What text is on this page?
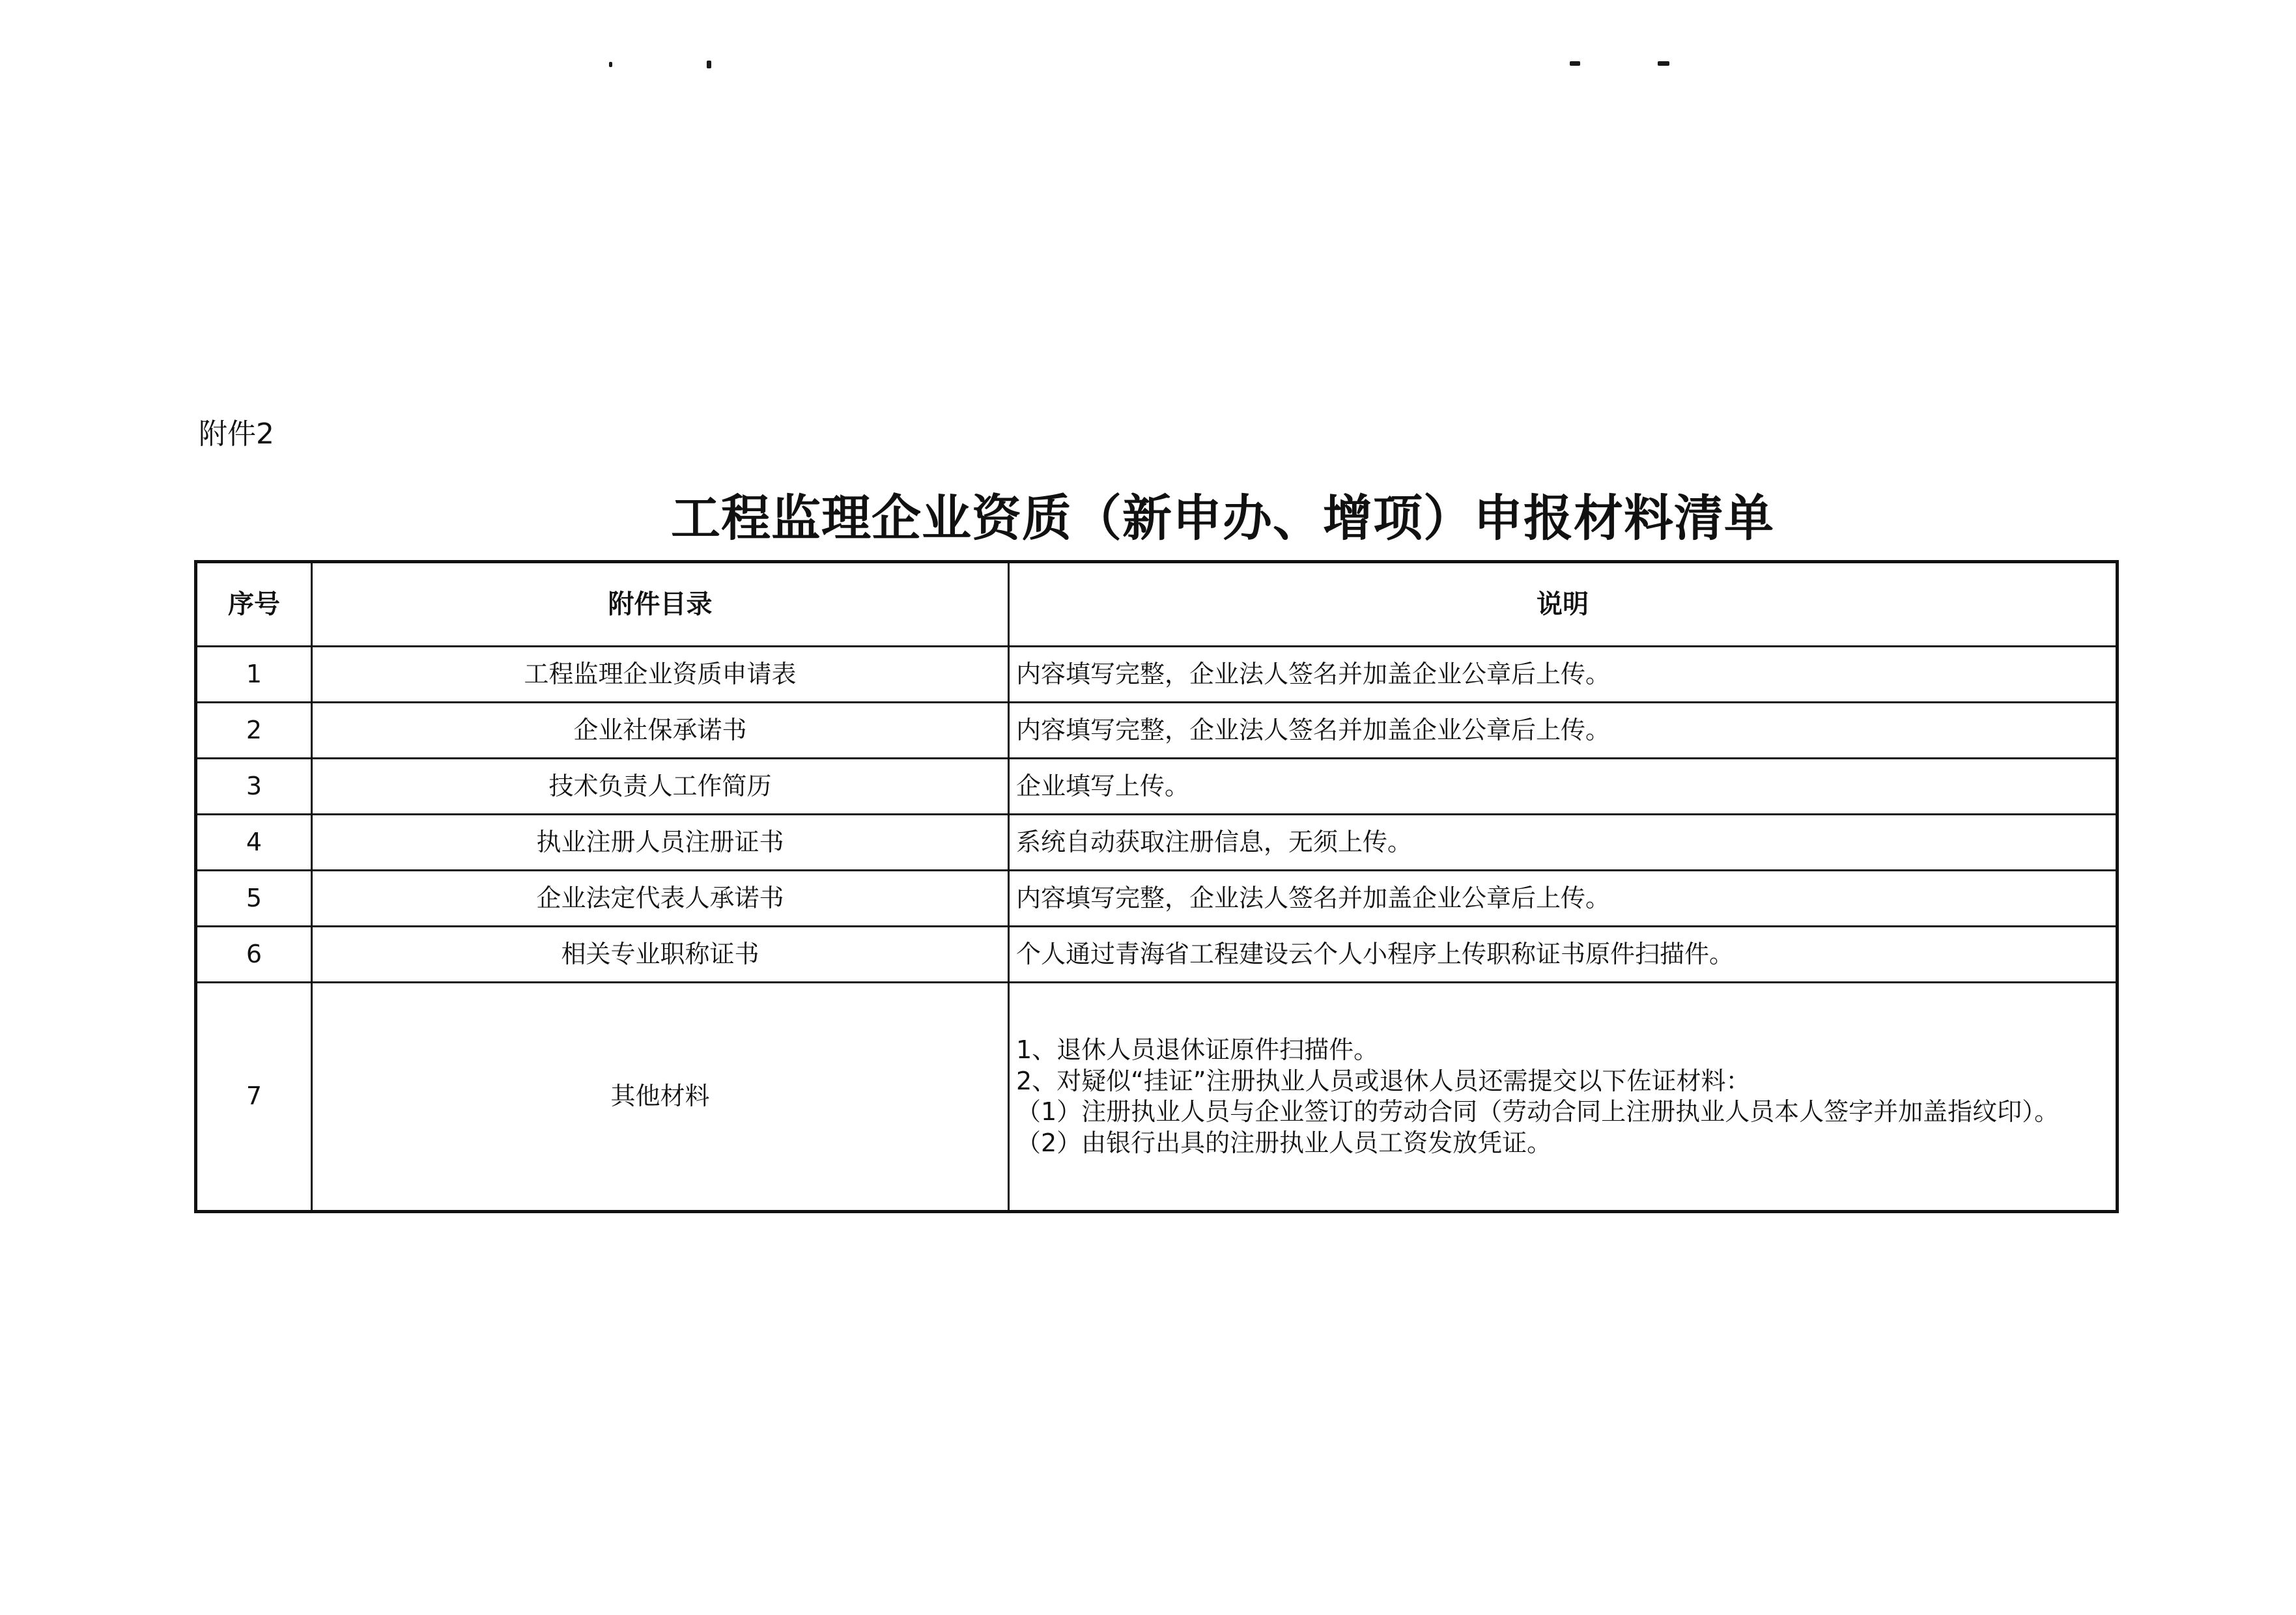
附件2
工程监理企业资质（新申办、增项）申报材料清单
序号	附件目录	说明
1	工程监理企业资质申请表	内容填写完整，企业法人签名并加盖企业公章后上传。
2	企业社保承诺书	内容填写完整，企业法人签名并加盖企业公章后上传。
3	技术负责人工作简历	企业填写上传。
4	执业注册人员注册证书	系统自动获取注册信息，无须上传。
5	企业法定代表人承诺书	内容填写完整，企业法人签名并加盖企业公章后上传。
6	相关专业职称证书	个人通过青海省工程建设云个人小程序上传职称证书原件扫描件。
7	其他材料	1、退休人员退休证原件扫描件。
2、对疑似“挂证”注册执业人员或退休人员还需提交以下佐证材料：
（1）注册执业人员与企业签订的劳动合同（劳动合同上注册执业人员本人签字并加盖指纹印）。
（2）由银行出具的注册执业人员工资发放凭证。
